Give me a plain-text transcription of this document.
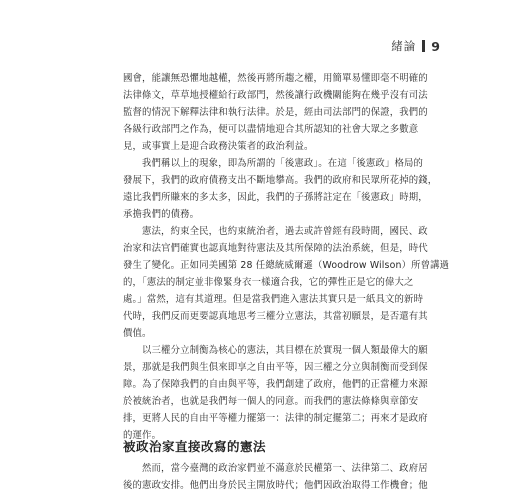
緒論 9

國會，能讓無恐懼地越權，然後再將所趨之權，用簡單易懂即毫不明確的
法律條文，草草地授權給行政部門，然後讓行政機關能夠在幾乎沒有司法
監督的情況下解釋法律和執行法律。於是，經由司法部門的保證，我們的
各級行政部門之作為，便可以盡情地迎合其所認知的社會大眾之多數意
見，或事實上是迎合政務決策者的政治利益。

我們稱以上的現象，即為所謂的「後憲政」。在這「後憲政」格局的
發展下，我們的政府債務支出不斷地攀高。我們的政府和民眾所花掉的錢，
遠比我們所賺來的多太多，因此，我們的子孫將註定在「後憲政」時期，
承擔我們的債務。

憲法，約束全民，也約束統治者，過去或許曾經有段時間，國民、政
治家和法官們確實也認真地對待憲法及其所保障的法治系統，但是，時代
發生了變化。正如同美國第 28 任總統威爾遜（Woodrow Wilson）所曾講過
的，「憲法的制定並非像緊身衣一樣適合我，它的彈性正是它的偉大之
處。」當然，這有其道理。但是當我們進入憲法其實只是一紙具文的新時
代時，我們反而更要認真地思考三權分立憲法，其當初願景，是否還有其
價值。

以三權分立制衡為核心的憲法，其目標在於實現一個人類最偉大的願
景，那就是我們與生俱來即享之自由平等，因三權之分立與制衡而受到保
障。為了保障我們的自由與平等，我們創建了政府，他們的正當權力來源
於被統治者，也就是我們每一個人的同意。而我們的憲法條條與章節安
排，更將人民的自由平等權力擺第一：法律的制定擺第二；再來才是政府
的運作。

被政治家直接改寫的憲法

然而，當今臺灣的政治家們並不滿意於民權第一、法律第二、政府居
後的憲政安排。他們出身於民主開放時代；他們因政治取得工作機會；他
